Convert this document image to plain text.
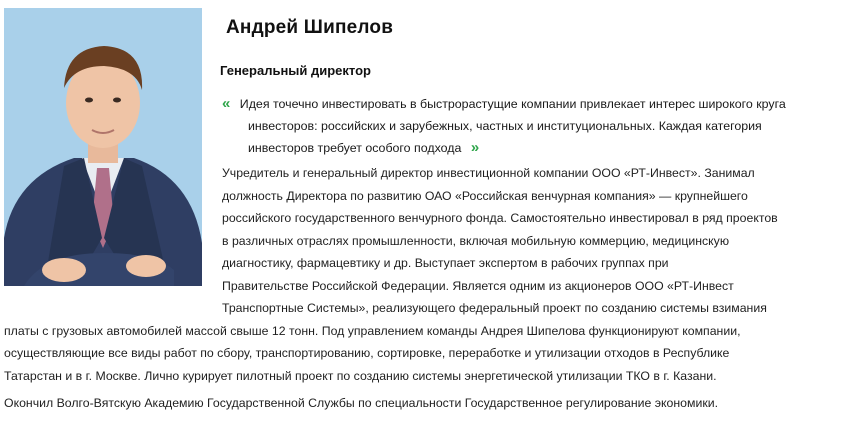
Андрей Шипелов
Генеральный директор
« Идея точечно инвестировать в быстрорастущие компании привлекает интерес широкого круга
инвесторов: российских и зарубежных, частных и институциональных. Каждая категория
инвесторов требует особого подхода »
Учредитель и генеральный директор инвестиционной компании ООО «РТ-Инвест». Занимал
должность Директора по развитию ОАО «Российская венчурная компания» — крупнейшего
российского государственного венчурного фонда. Самостоятельно инвестировал в ряд проектов
в различных отраслях промышленности, включая мобильную коммерцию, медицинскую
диагностику, фармацевтику и др. Выступает экспертом в рабочих группах при
Правительстве Российской Федерации. Является одним из акционеров ООО «РТ-Инвест
Транспортные Системы», реализующего федеральный проект по созданию системы взимания
платы с грузовых автомобилей массой свыше 12 тонн. Под управлением команды Андрея Шипелова функционируют компании,
осуществляющие все виды работ по сбору, транспортированию, сортировке, переработке и утилизации отходов в Республике
Татарстан и в г. Москве. Лично курирует пилотный проект по созданию системы энергетической утилизации ТКО в г. Казани.
Окончил Волго-Вятскую Академию Государственной Службы по специальности Государственное регулирование экономики.
